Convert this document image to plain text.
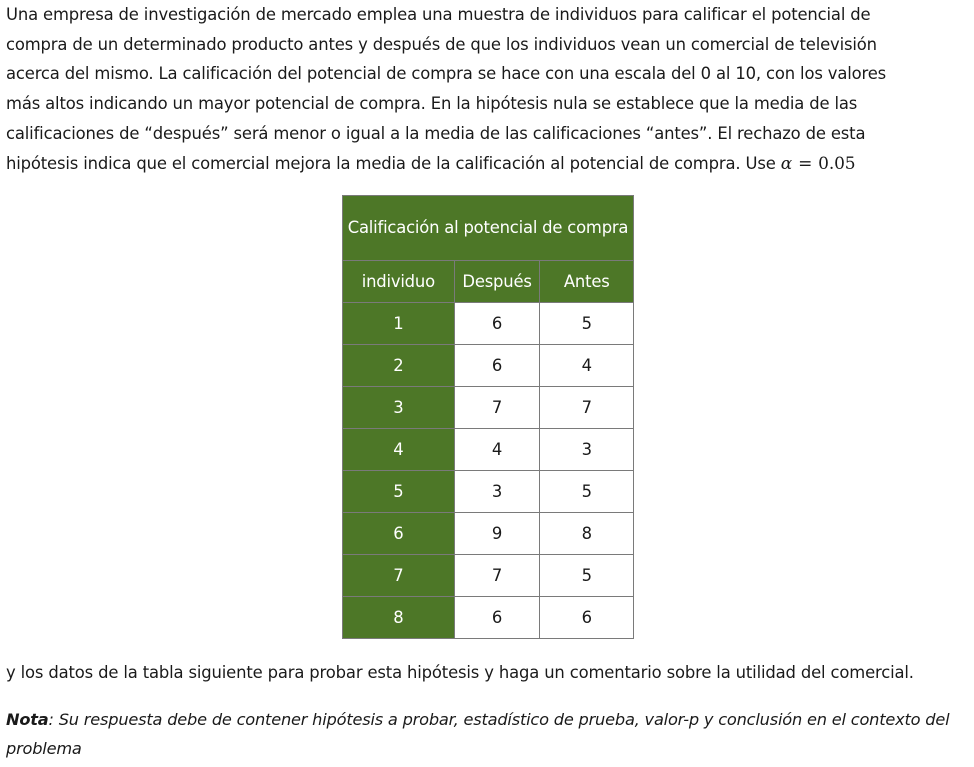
Una empresa de investigación de mercado emplea una muestra de individuos para calificar el potencial de
compra de un determinado producto antes y después de que los individuos vean un comercial de televisión
acerca del mismo. La calificación del potencial de compra se hace con una escala del 0 al 10, con los valores
más altos indicando un mayor potencial de compra. En la hipótesis nula se establece que la media de las
calificaciones de “después” será menor o igual a la media de las calificaciones “antes”. El rechazo de esta
hipótesis indica que el comercial mejora la media de la calificación al potencial de compra. Use α = 0.05
Calificación al potencial de compra		
individuo	Después	Antes
1	6	5
2	6	4
3	7	7
4	4	3
5	3	5
6	9	8
7	7	5
8	6	6
y los datos de la tabla siguiente para probar esta hipótesis y haga un comentario sobre la utilidad del comercial.
Nota: Su respuesta debe de contener hipótesis a probar, estadístico de prueba, valor-p y conclusión en el contexto del problema
